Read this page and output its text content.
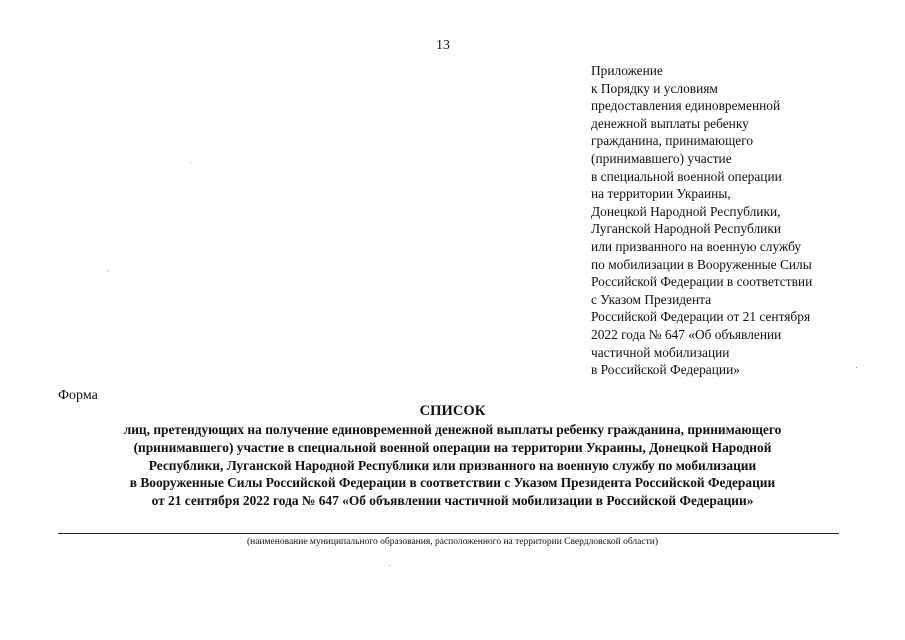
13
Приложение
к Порядку и условиям
предоставления единовременной
денежной выплаты ребенку
гражданина, принимающего
(принимавшего) участие
в специальной военной операции
на территории Украины,
Донецкой Народной Республики,
Луганской Народной Республики
или призванного на военную службу
по мобилизации в Вооруженные Силы
Российской Федерации в соответствии
с Указом Президента
Российской Федерации от 21 сентября
2022 года № 647 «Об объявлении
частичной мобилизации
в Российской Федерации»
Форма
СПИСОК
лиц, претендующих на получение единовременной денежной выплаты ребенку гражданина, принимающего
(принимавшего) участие в специальной военной операции на территории Украины, Донецкой Народной
Республики, Луганской Народной Республики или призванного на военную службу по мобилизации
в Вооруженные Силы Российской Федерации в соответствии с Указом Президента Российской Федерации
от 21 сентября 2022 года № 647 «Об объявлении частичной мобилизации в Российской Федерации»
(наименование муниципального образования, расположенного на территории Свердловской области)
